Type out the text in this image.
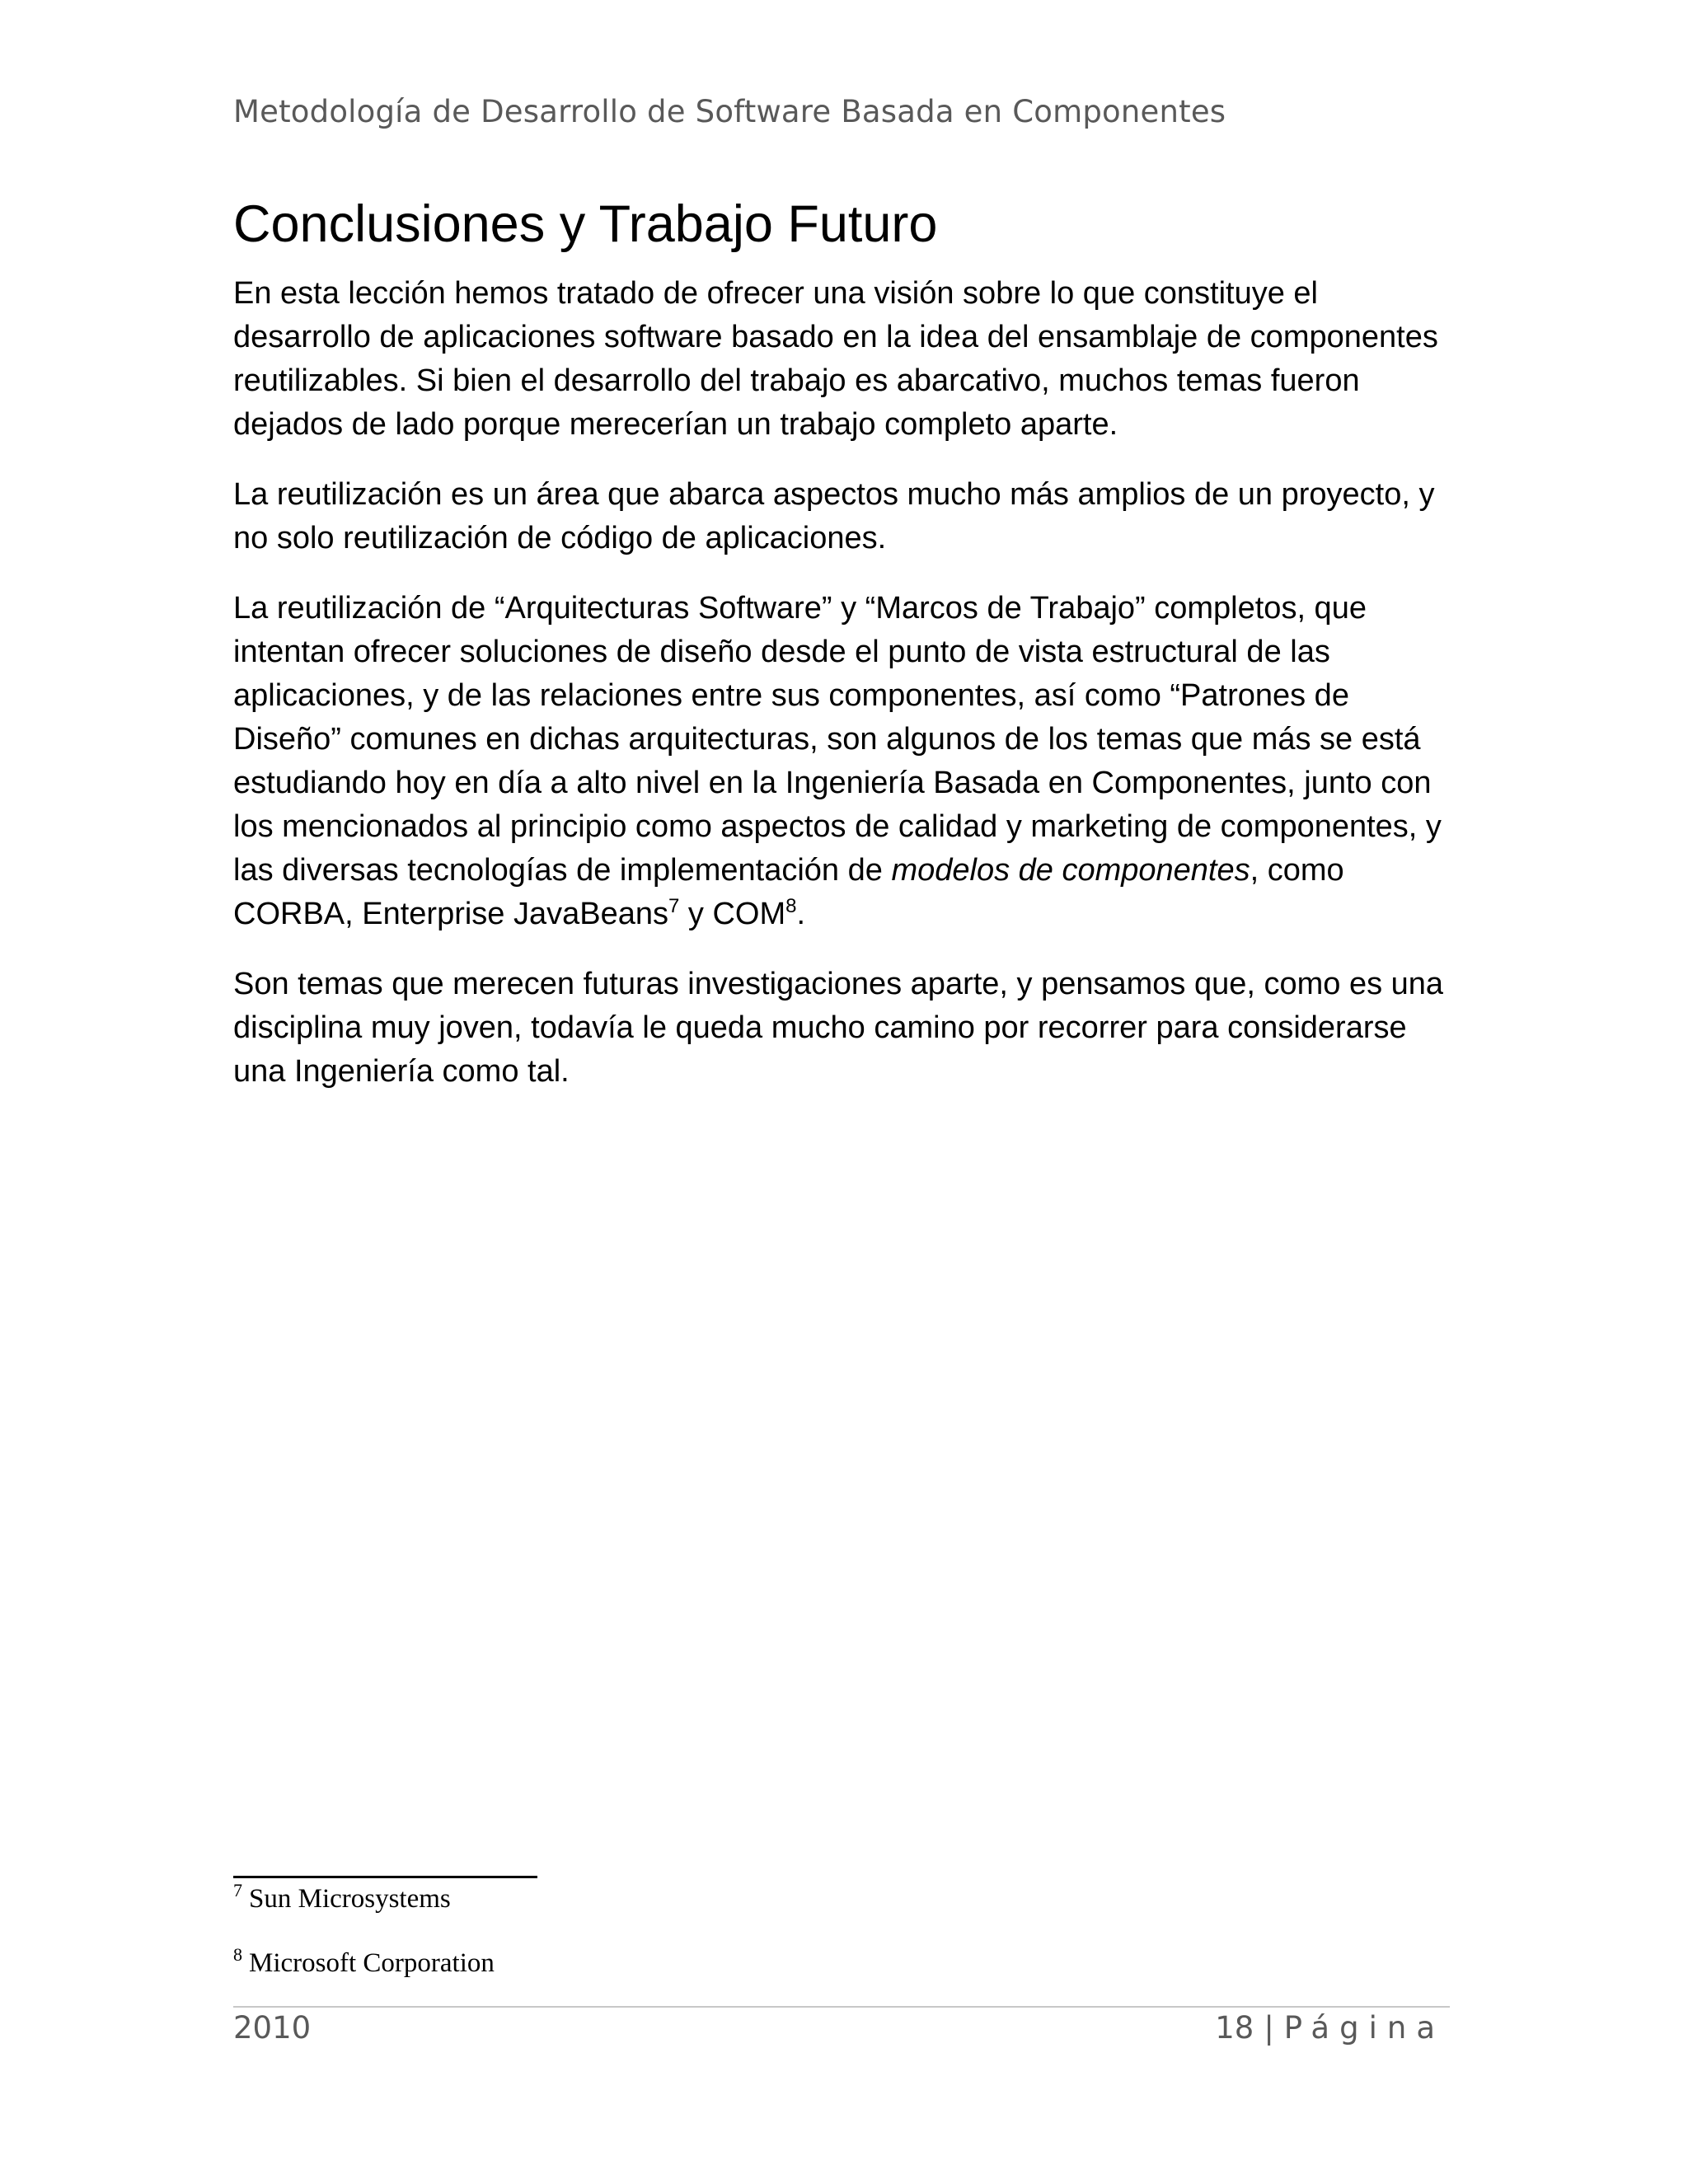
Metodología de Desarrollo de Software Basada en Componentes
Conclusiones y Trabajo Futuro

En esta lección hemos tratado de ofrecer una visión sobre lo que constituye el desarrollo de aplicaciones software basado en la idea del ensamblaje de componentes reutilizables. Si bien el desarrollo del trabajo es abarcativo, muchos temas fueron dejados de lado porque merecerían un trabajo completo aparte.

La reutilización es un área que abarca aspectos mucho más amplios de un proyecto, y no solo reutilización de código de aplicaciones.

La reutilización de “Arquitecturas Software” y “Marcos de Trabajo” completos, que intentan ofrecer soluciones de diseño desde el punto de vista estructural de las aplicaciones, y de las relaciones entre sus componentes, así como “Patrones de Diseño” comunes en dichas arquitecturas, son algunos de los temas que más se está estudiando hoy en día a alto nivel en la Ingeniería Basada en Componentes, junto con los mencionados al principio como aspectos de calidad y marketing de componentes, y las diversas tecnologías de implementación de modelos de componentes, como CORBA, Enterprise JavaBeans$^7$ y COM$^8$.

Son temas que merecen futuras investigaciones aparte, y pensamos que, como es una disciplina muy joven, todavía le queda mucho camino por recorrer para considerarse una Ingeniería como tal.

$^7$ Sun Microsystems
$^8$ Microsoft Corporation
2010	18 | Página
